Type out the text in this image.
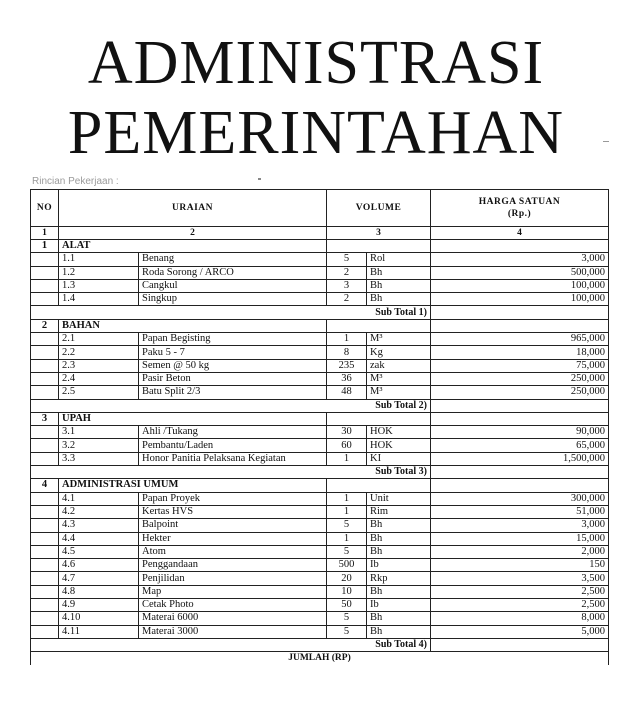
ADMINISTRASI
PEMERINTAHAN
Rincian Pekerjaan :
NO	URAIAN		VOLUME		HARGA SATUAN
(Rp.)

1	2		3		4
1	ALAT				
	1.1	Benang	5	Rol	3,000
	1.2	Roda Sorong / ARCO	2	Bh	500,000
	1.3	Cangkul	3	Bh	100,000
	1.4	Singkup	2	Bh	100,000
Sub Total 1)					
2	BAHAN				
	2.1	Papan Begisting	1	M³	965,000
	2.2	Paku 5 - 7	8	Kg	18,000
	2.3	Semen @ 50 kg	235	zak	75,000
	2.4	Pasir Beton	36	M³	250,000
	2.5	Batu Split 2/3	48	M³	250,000
Sub Total 2)					
3	UPAH				
	3.1	Ahli /Tukang	30	HOK	90,000
	3.2	Pembantu/Laden	60	HOK	65,000
	3.3	Honor Panitia Pelaksana Kegiatan	1	KI	1,500,000
Sub Total 3)					
4	ADMINISTRASI UMUM				
	4.1	Papan Proyek	1	Unit	300,000
	4.2	Kertas HVS	1	Rim	51,000
	4.3	Balpoint	5	Bh	3,000
	4.4	Hekter	1	Bh	15,000
	4.5	Atom	5	Bh	2,000
	4.6	Penggandaan	500	Ib	150
	4.7	Penjilidan	20	Rkp	3,500
	4.8	Map	10	Bh	2,500
	4.9	Cetak Photo	50	Ib	2,500
	4.10	Materai 6000	5	Bh	8,000
	4.11	Materai 3000	5	Bh	5,000
Sub Total 4)					
JUMLAH (RP)					
